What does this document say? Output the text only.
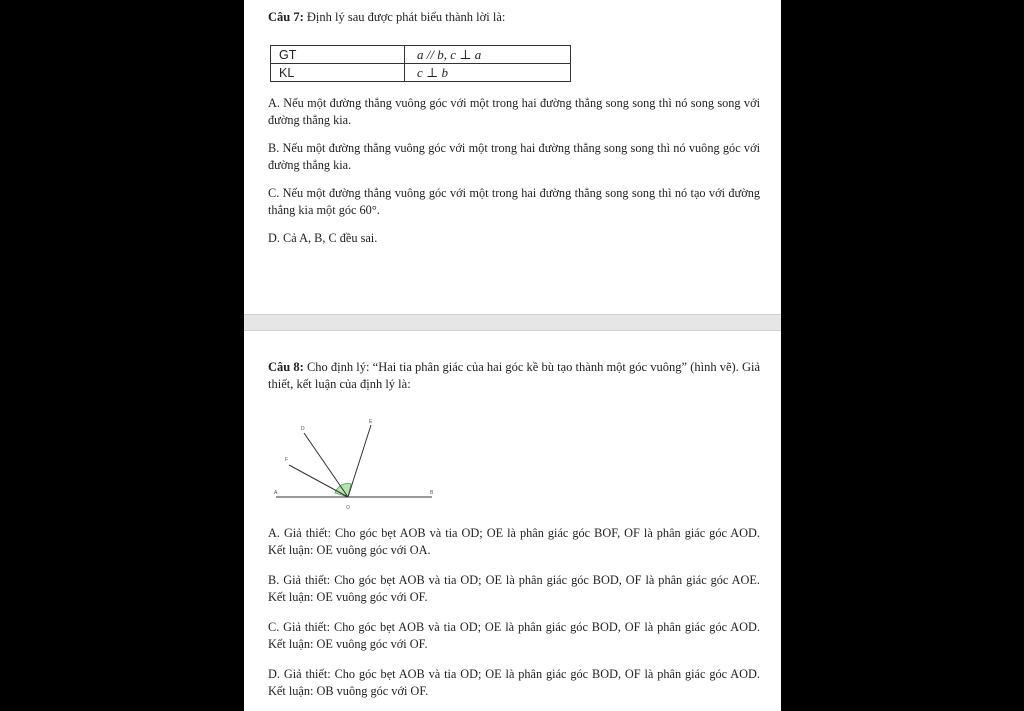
Câu 7: Định lý sau được phát biểu thành lời là:
GT	a // b, c ⊥ a
KL	c ⊥ b
A. Nếu một đường thẳng vuông góc với một trong hai đường thẳng song song thì nó song song với đường thẳng kia.
B. Nếu một đường thẳng vuông góc với một trong hai đường thẳng song song thì nó vuông góc với đường thẳng kia.
C. Nếu một đường thẳng vuông góc với một trong hai đường thẳng song song thì nó tạo với đường thẳng kia một góc 60°.
D. Cả A, B, C đều sai.
Câu 8: Cho định lý: “Hai tia phân giác của hai góc kề bù tạo thành một góc vuông” (hình vẽ). Giả thiết, kết luận của định lý là:
A	B
O
D
E
F
A. Giả thiết: Cho góc bẹt AOB và tia OD; OE là phân giác góc BOF, OF là phân giác góc AOD. Kết luận: OE vuông góc với OA.
B. Giả thiết: Cho góc bẹt AOB và tia OD; OE là phân giác góc BOD, OF là phân giác góc AOE. Kết luận: OE vuông góc với OF.
C. Giả thiết: Cho góc bẹt AOB và tia OD; OE là phân giác góc BOD, OF là phân giác góc AOD. Kết luận: OE vuông góc với OF.
D. Giả thiết: Cho góc bẹt AOB và tia OD; OE là phân giác góc BOD, OF là phân giác góc AOD. Kết luận: OB vuông góc với OF.
